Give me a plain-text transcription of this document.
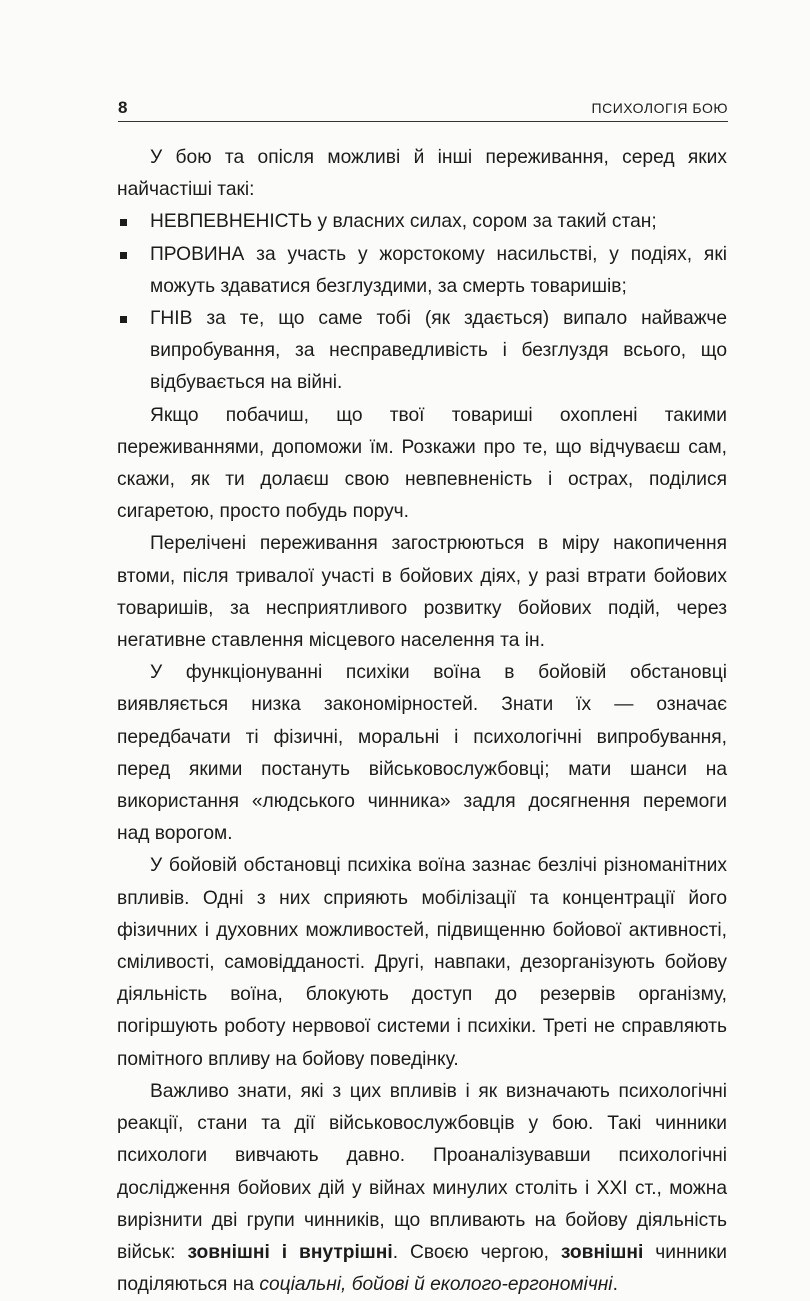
8	ПСИХОЛОГІЯ БОЮ

У бою та опісля можливі й інші переживання, серед яких найчастіші такі:

НЕВПЕВНЕНІСТЬ у власних силах, сором за такий стан;
ПРОВИНА за участь у жорстокому насильстві, у подіях, які можуть здаватися безглуздими, за смерть товаришів;
ГНІВ за те, що саме тобі (як здається) випало найважче випробування, за несправедливість і безглуздя всього, що відбувається на війні.

Якщо побачиш, що твої товариші охоплені такими переживаннями, допоможи їм. Розкажи про те, що відчуваєш сам, скажи, як ти долаєш свою невпевненість і острах, поділися сигаретою, просто побудь поруч.

Перелічені переживання загострюються в міру накопичення втоми, після тривалої участі в бойових діях, у разі втрати бойових товаришів, за несприятливого розвитку бойових подій, через негативне ставлення місцевого населення та ін.

У функціонуванні психіки воїна в бойовій обстановці виявляється низка закономірностей. Знати їх — означає передбачати ті фізичні, моральні і психологічні випробування, перед якими постануть військовослужбовці; мати шанси на використання «людського чинника» задля досягнення перемоги над ворогом.

У бойовій обстановці психіка воїна зазнає безлічі різноманітних впливів. Одні з них сприяють мобілізації та концентрації його фізичних і духовних можливостей, підвищенню бойової активності, сміливості, самовідданості. Другі, навпаки, дезорганізують бойову діяльність воїна, блокують доступ до резервів організму, погіршують роботу нервової системи і психіки. Треті не справляють помітного впливу на бойову поведінку.

Важливо знати, які з цих впливів і як визначають психологічні реакції, стани та дії військовослужбовців у бою. Такі чинники психологи вивчають давно. Проаналізувавши психологічні дослідження бойових дій у війнах минулих століть і ХХІ ст., можна вирізнити дві групи чинників, що впливають на бойову діяльність військ: зовнішні і внутрішні. Своєю чергою, зовнішні чинники поділяються на соціальні, бойові й еколого-ергономічні.
